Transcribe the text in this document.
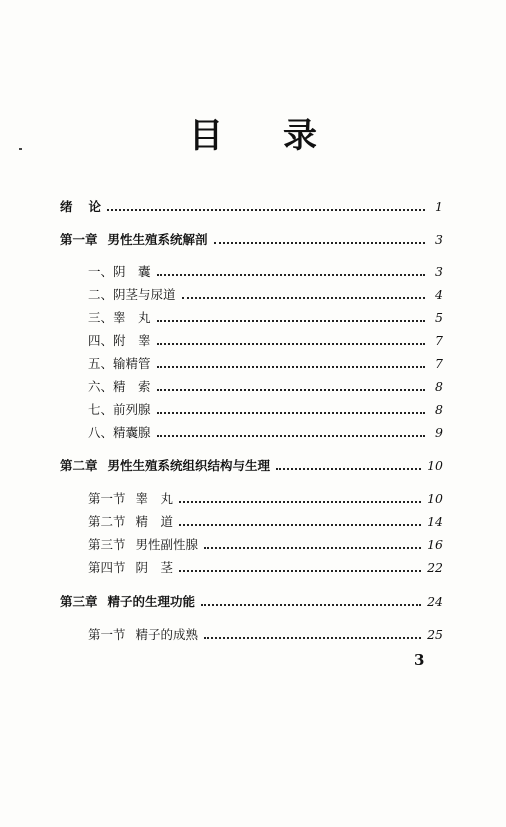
目 录
绪 论	1
第一章 男性生殖系统解剖	3
一、阴　囊	3
二、阴茎与尿道	4
三、睾　丸	5
四、附　睾	7
五、输精管	7
六、精　索	8
七、前列腺	8
八、精囊腺	9
第二章 男性生殖系统组织结构与生理	10
第一节 睾　丸	10
第二节 精　道	14
第三节 男性副性腺	16
第四节 阴　茎	22
第三章 精子的生理功能	24
第一节 精子的成熟	25
3
